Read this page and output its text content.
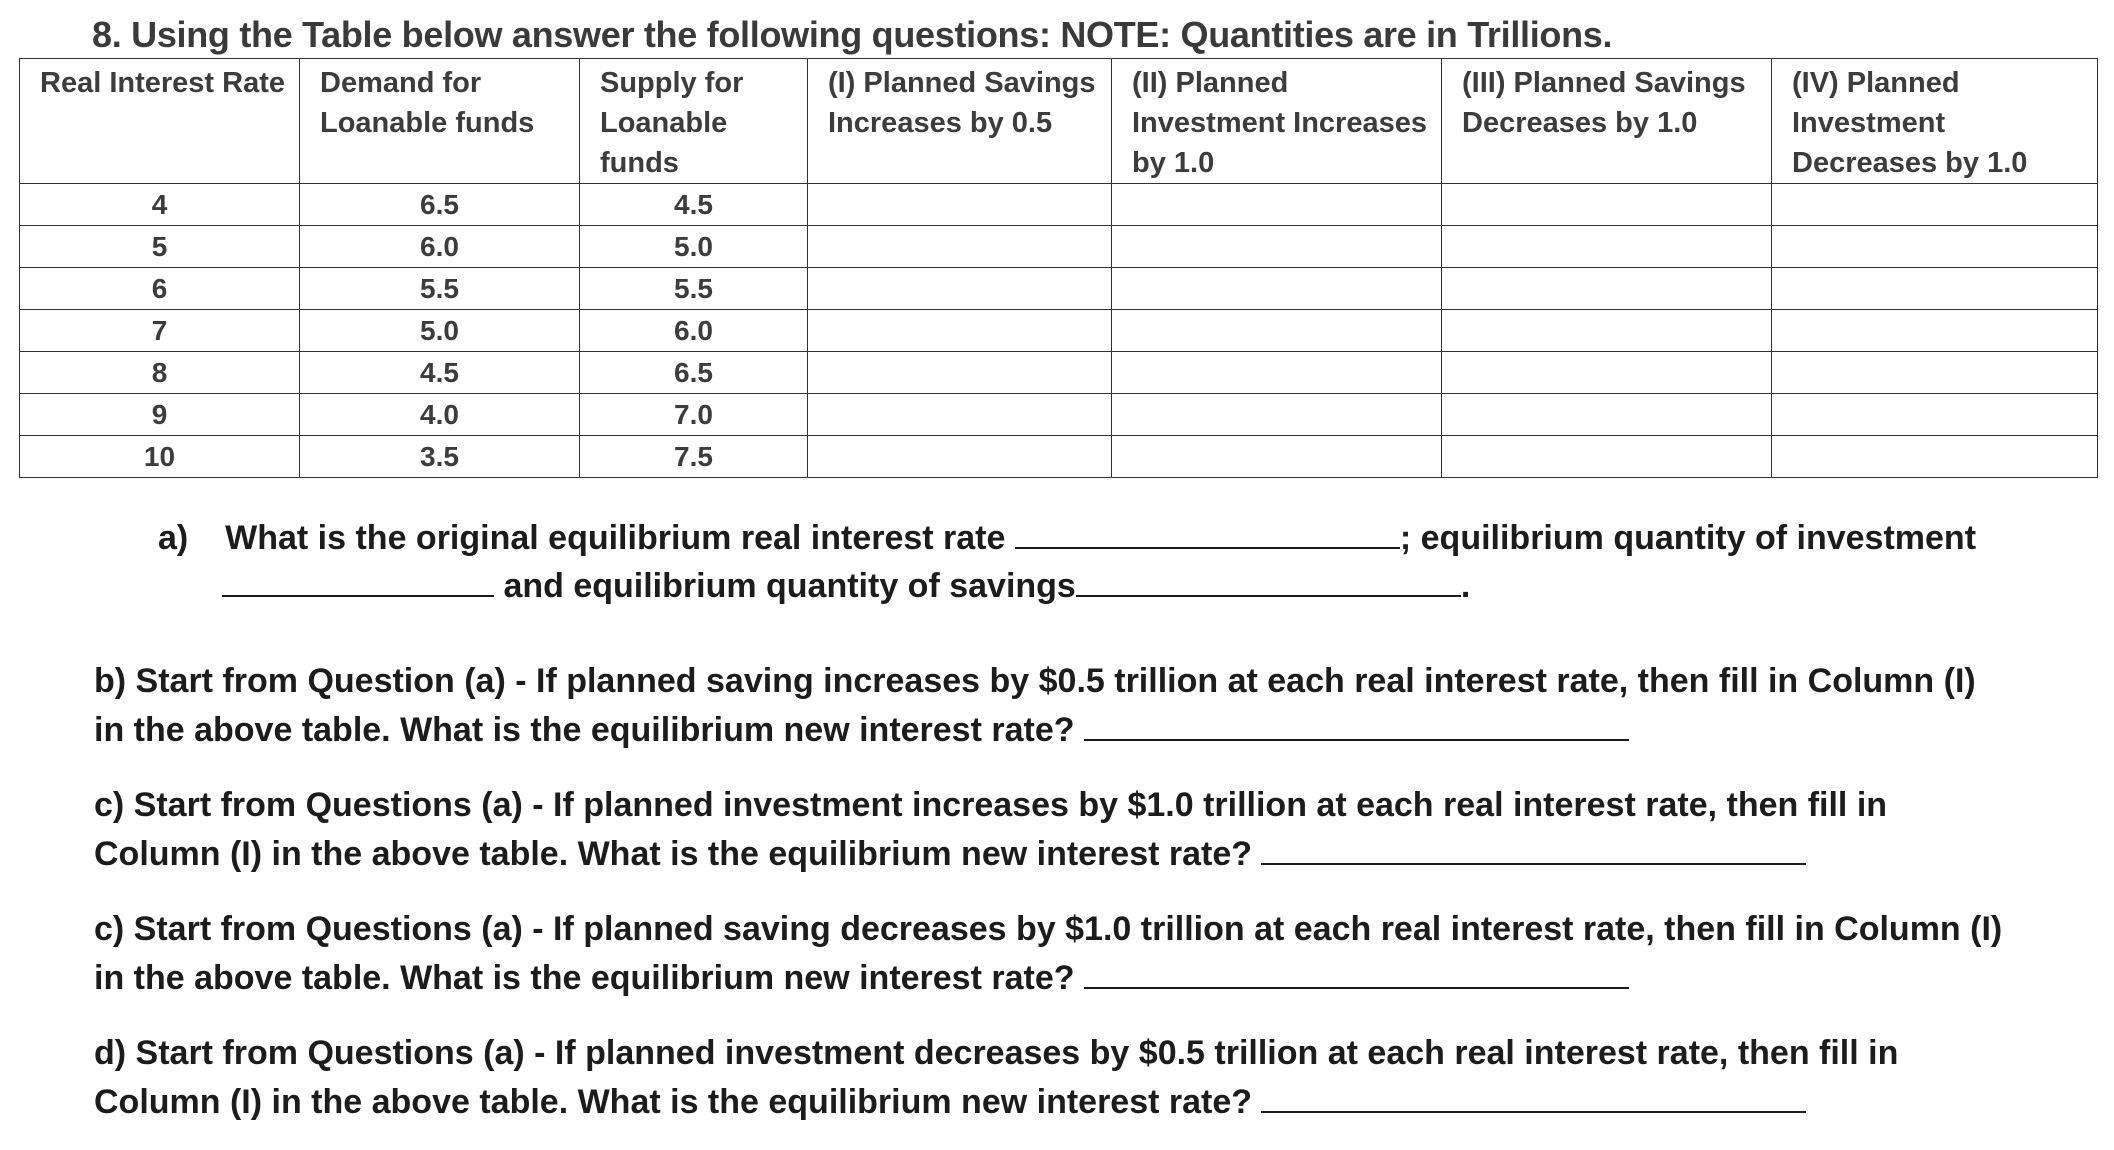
8. Using the Table below answer the following questions: NOTE: Quantities are in Trillions.
Real Interest Rate	Demand for Loanable funds	Supply for Loanable funds	(I) Planned Savings Increases by 0.5	(II) Planned Investment Increases by 1.0	(III) Planned Savings Decreases by 1.0	(IV) Planned Investment Decreases by 1.0
4	6.5	4.5				
5	6.0	5.0				
6	5.5	5.5				
7	5.0	6.0				
8	4.5	6.5				
9	4.0	7.0				
10	3.5	7.5				
a) What is the original equilibrium real interest rate	; equilibrium quantity of investment
and equilibrium quantity of savings	.
b) Start from Question (a) - If planned saving increases by $0.5 trillion at each real interest rate, then fill in Column (I)
in the above table. What is the equilibrium new interest rate?
c) Start from Questions (a) - If planned investment increases by $1.0 trillion at each real interest rate, then fill in
Column (I) in the above table. What is the equilibrium new interest rate?
c) Start from Questions (a) - If planned saving decreases by $1.0 trillion at each real interest rate, then fill in Column (I)
in the above table. What is the equilibrium new interest rate?
d) Start from Questions (a) - If planned investment decreases by $0.5 trillion at each real interest rate, then fill in
Column (I) in the above table. What is the equilibrium new interest rate?
